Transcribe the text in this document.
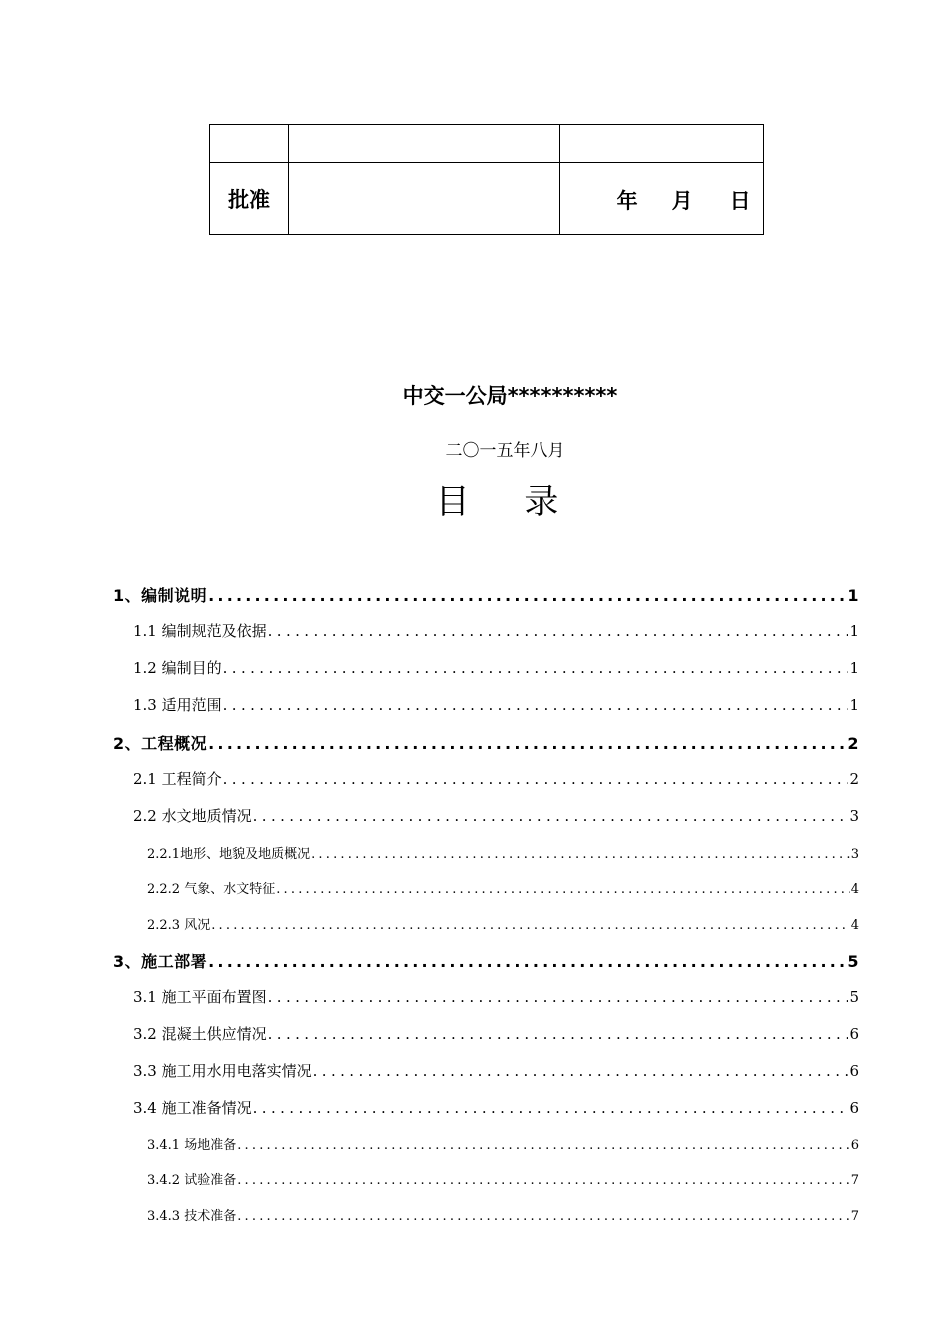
批准		年 月 日
中交一公局**********
二〇一五年八月
目 录
1、编制说明 .....	1
1.1 编制规范及依据 .....	1
1.2 编制目的 .....	1
1.3 适用范围 .....	1
2、工程概况 .....	2
2.1 工程简介 .....	2
2.2 水文地质情况 .....	3
2.2.1地形、地貌及地质概况 .....	3
2.2.2 气象、水文特征 .....	4
2.2.3 风况 .....	4
3、施工部署 .....	5
3.1 施工平面布置图 .....	5
3.2 混凝土供应情况 .....	6
3.3 施工用水用电落实情况 .....	6
3.4 施工准备情况 .....	6
3.4.1 场地准备 .....	6
3.4.2 试验准备 .....	7
3.4.3 技术准备 .....	7
